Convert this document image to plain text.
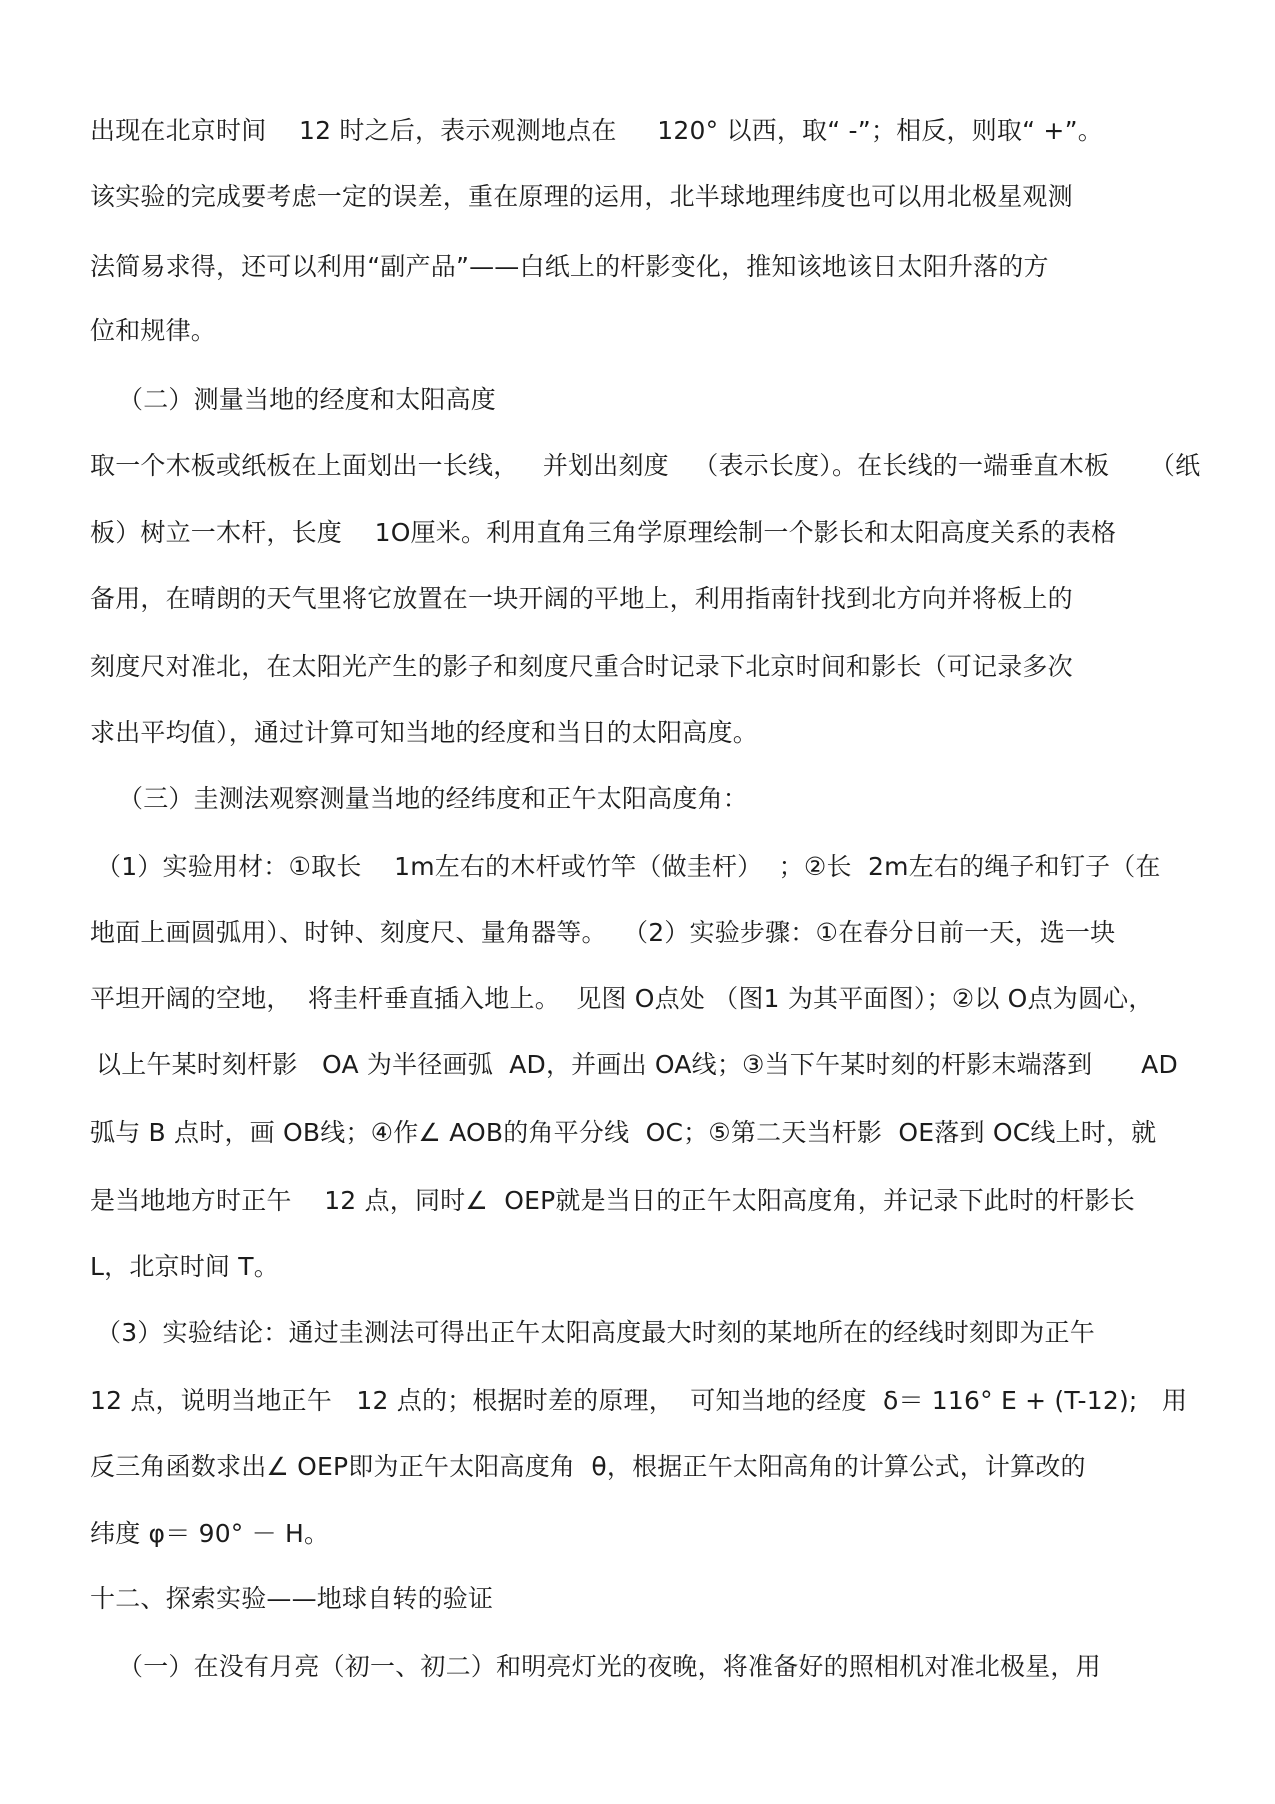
出现在北京时间    12 时之后，表示观测地点在     120° 以西，取“ -”；相反，则取“ +”。
该实验的完成要考虑一定的误差，重在原理的运用，北半球地理纬度也可以用北极星观测
法简易求得，还可以利用“副产品”——白纸上的杆影变化，推知该地该日太阳升落的方
位和规律。
（二）测量当地的经度和太阳高度
取一个木板或纸板在上面划出一长线，   并划出刻度   （表示长度）。在长线的一端垂直木板     （纸
板）树立一木杆，长度    1O厘米。利用直角三角学原理绘制一个影长和太阳高度关系的表格
备用，在晴朗的天气里将它放置在一块开阔的平地上，利用指南针找到北方向并将板上的
刻度尺对准北，在太阳光产生的影子和刻度尺重合时记录下北京时间和影长（可记录多次
求出平均值），通过计算可知当地的经度和当日的太阳高度。
（三）圭测法观察测量当地的经纬度和正午太阳高度角：
（1）实验用材：①取长    1m左右的木杆或竹竿（做圭杆）  ；②长  2m左右的绳子和钉子（在
地面上画圆弧用）、时钟、刻度尺、量角器等。  （2）实验步骤：①在春分日前一天，选一块
平坦开阔的空地，  将圭杆垂直插入地上。  见图 O点处 （图1 为其平面图）；②以 O点为圆心，
以上午某时刻杆影   OA 为半径画弧  AD，并画出 OA线；③当下午某时刻的杆影末端落到      AD
弧与 B 点时，画 OB线；④作∠ AOB的角平分线  OC；⑤第二天当杆影  OE落到 OC线上时，就
是当地地方时正午    12 点，同时∠  OEP就是当日的正午太阳高度角，并记录下此时的杆影长
L，北京时间 T。
（3）实验结论：通过圭测法可得出正午太阳高度最大时刻的某地所在的经线时刻即为正午
12 点，说明当地正午   12 点的；根据时差的原理，  可知当地的经度  δ＝ 116° E + (T-12);   用
反三角函数求出∠ OEP即为正午太阳高度角  θ，根据正午太阳高角的计算公式，计算改的
纬度 φ＝ 90° － H。
十二、探索实验——地球自转的验证
（一）在没有月亮（初一、初二）和明亮灯光的夜晚，将准备好的照相机对准北极星，用
